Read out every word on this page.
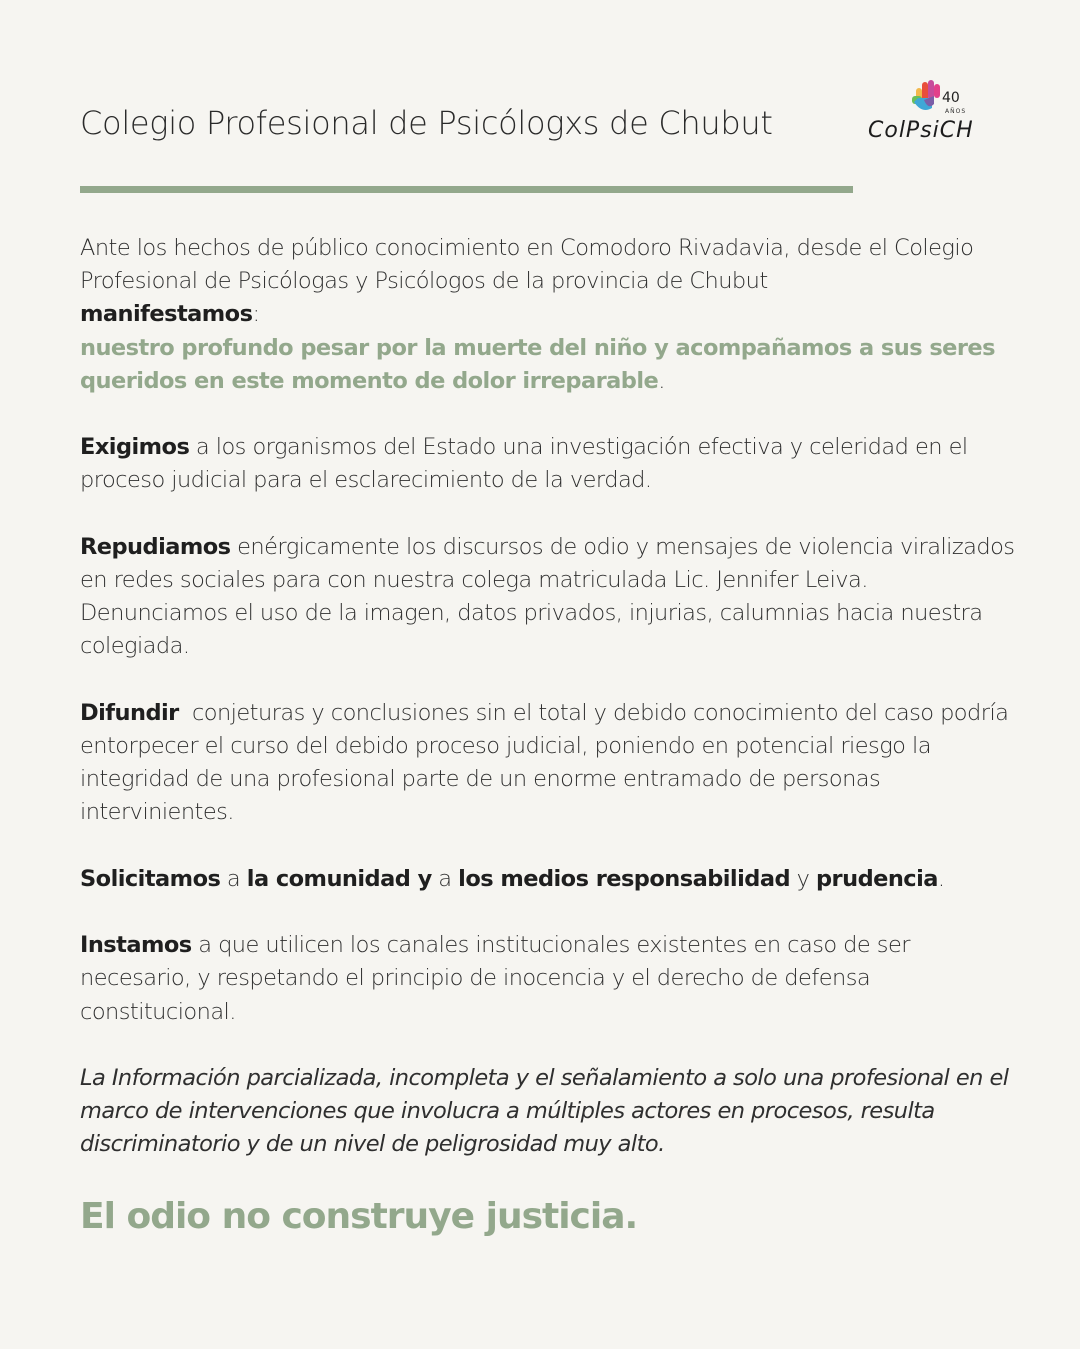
Colegio Profesional de Psicólogxs de Chubut
40
AÑOS
ColPsiCH

Ante los hechos de público conocimiento en Comodoro Rivadavia, desde el Colegio Profesional de Psicólogas y Psicólogos de la provincia de Chubut
manifestamos:
nuestro profundo pesar por la muerte del niño y acompañamos a sus seres queridos en este momento de dolor irreparable.

Exigimos a los organismos del Estado una investigación efectiva y celeridad en el proceso judicial para el esclarecimiento de la verdad.

Repudiamos enérgicamente los discursos de odio y mensajes de violencia viralizados en redes sociales para con nuestra colega matriculada Lic. Jennifer Leiva. Denunciamos el uso de la imagen, datos privados, injurias, calumnias hacia nuestra colegiada.

Difundir  conjeturas y conclusiones sin el total y debido conocimiento del caso podría entorpecer el curso del debido proceso judicial, poniendo en potencial riesgo la integridad de una profesional parte de un enorme entramado de personas intervinientes.

Solicitamos a la comunidad y a los medios responsabilidad y prudencia.

Instamos a que utilicen los canales institucionales existentes en caso de ser necesario, y respetando el principio de inocencia y el derecho de defensa constitucional.

La Información parcializada, incompleta y el señalamiento a solo una profesional en el marco de intervenciones que involucra a múltiples actores en procesos, resulta discriminatorio y de un nivel de peligrosidad muy alto.

El odio no construye justicia.
